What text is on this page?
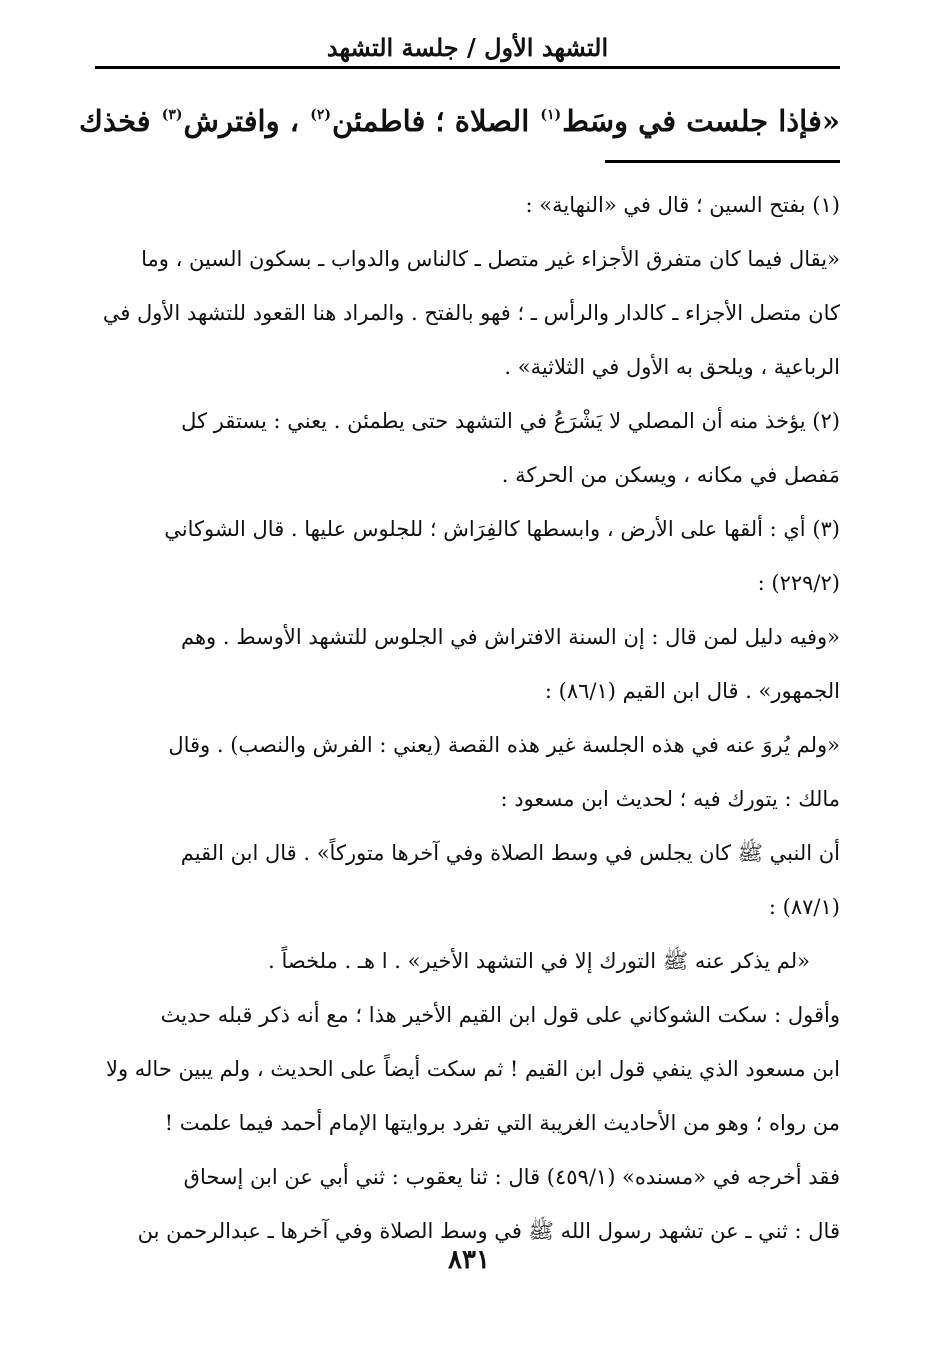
التشهد الأول / جلسة التشهد
«فإذا جلست في وسَط$^{(١)}$ الصلاة ؛ فاطمئن$^{(٢)}$ ، وافترش$^{(٣)}$ فخذك
(١) بفتح السين ؛ قال في «النهاية» :
«يقال فيما كان متفرق الأجزاء غير متصل ـ كالناس والدواب ـ بسكون السين ، وما
كان متصل الأجزاء ـ كالدار والرأس ـ ؛ فهو بالفتح . والمراد هنا القعود للتشهد الأول في
الرباعية ، ويلحق به الأول في الثلاثية» .
(٢) يؤخذ منه أن المصلي لا يَشْرَعُ في التشهد حتى يطمئن . يعني : يستقر كل
مَفصل في مكانه ، ويسكن من الحركة .
(٣) أي : ألقها على الأرض ، وابسطها كالفِرَاش ؛ للجلوس عليها . قال الشوكاني
(٢٢٩/٢) :
«وفيه دليل لمن قال : إن السنة الافتراش في الجلوس للتشهد الأوسط . وهم
الجمهور» . قال ابن القيم (٨٦/١) :
«ولم يُروَ عنه في هذه الجلسة غير هذه القصة (يعني : الفرش والنصب) . وقال
مالك : يتورك فيه ؛ لحديث ابن مسعود :
أن النبي ﷺ كان يجلس في وسط الصلاة وفي آخرها متوركاً» . قال ابن القيم
(٨٧/١) :
«لم يذكر عنه ﷺ التورك إلا في التشهد الأخير» . ا هـ . ملخصاً .
وأقول : سكت الشوكاني على قول ابن القيم الأخير هذا ؛ مع أنه ذكر قبله حديث
ابن مسعود الذي ينفي قول ابن القيم ! ثم سكت أيضاً على الحديث ، ولم يبين حاله ولا
من رواه ؛ وهو من الأحاديث الغريبة التي تفرد بروايتها الإمام أحمد فيما علمت !
فقد أخرجه في «مسنده» (٤٥٩/١) قال : ثنا يعقوب : ثني أبي عن ابن إسحاق
قال : ثني ـ عن تشهد رسول الله ﷺ في وسط الصلاة وفي آخرها ـ عبدالرحمن بن
٨٣١
